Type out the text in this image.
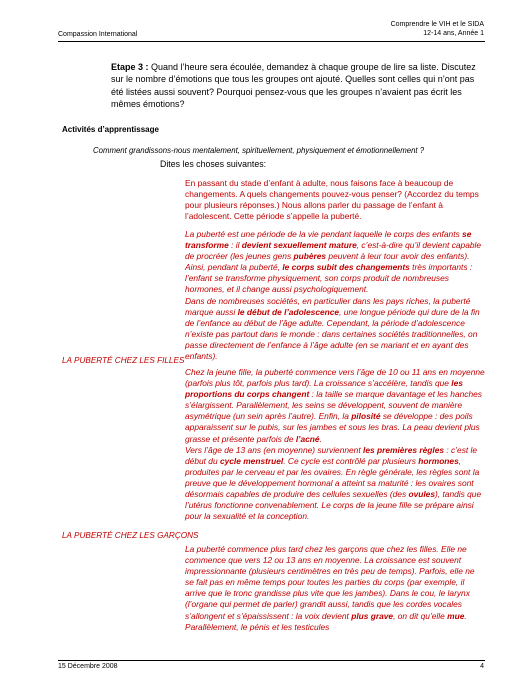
Compassion International
Comprendre le VIH et le SIDA
12-14 ans, Année 1
Etape 3 : Quand l’heure sera écoulée, demandez à chaque groupe de lire sa liste. Discutez sur le nombre d’émotions que tous les groupes ont ajouté. Quelles sont celles qui n’ont pas été listées aussi souvent? Pourquoi pensez-vous que les groupes n’avaient pas écrit les mêmes émotions?
Activités d’apprentissage
Comment grandissons-nous mentalement, spirituellement, physiquement et émotionnellement ?
Dites les choses suivantes:
En passant du stade d’enfant à adulte, nous faisons face à beaucoup de changements. A quels changements pouvez-vous penser? (Accordez du temps pour plusieurs réponses.) Nous allons parler du passage de l’enfant à l’adolescent. Cette période s’appelle la puberté.
La puberté est une période de la vie pendant laquelle le corps des enfants se transforme : il devient sexuellement mature, c’est-à-dire qu’il devient capable de procréer (les jeunes gens pubères peuvent à leur tour avoir des enfants).
Ainsi, pendant la puberté, le corps subit des changements très importants : l’enfant se transforme physiquement, son corps produit de nombreuses hormones, et il change aussi psychologiquement.
Dans de nombreuses sociétés, en particulier dans les pays riches, la puberté marque aussi le début de l’adolescence, une longue période qui dure de la fin de l’enfance au début de l’âge adulte. Cependant, la période d’adolescence n’existe pas partout dans le monde : dans certaines sociétés traditionnelles, on passe directement de l’enfance à l’âge adulte (en se mariant et en ayant des enfants).
LA PUBERTÉ CHEZ LES FILLES
Chez la jeune fille, la puberté commence vers l’âge de 10 ou 11 ans en moyenne (parfois plus tôt, parfois plus tard). La croissance s’accélère, tandis que les proportions du corps changent : la taille se marque davantage et les hanches s’élargissent. Parallèlement, les seins se développent, souvent de manière asymétrique (un sein après l’autre). Enfin, la pilosité se développe : des poils apparaissent sur le pubis, sur les jambes et sous les bras. La peau devient plus grasse et présente parfois de l’acné.
Vers l’âge de 13 ans (en moyenne) surviennent les premières règles : c’est le début du cycle menstruel. Ce cycle est contrôlé par plusieurs hormones, produites par le cerveau et par les ovaires. En règle générale, les règles sont la preuve que le développement hormonal a atteint sa maturité : les ovaires sont désormais capables de produire des cellules sexuelles (des ovules), tandis que l’utérus fonctionne convenablement. Le corps de la jeune fille se prépare ainsi pour la sexualité et la conception.
LA PUBERTÉ CHEZ LES GARÇONS
La puberté commence plus tard chez les garçons que chez les filles. Elle ne commence que vers 12 ou 13 ans en moyenne. La croissance est souvent impressionnante (plusieurs centimètres en très peu de temps). Parfois, elle ne se fait pas en même temps pour toutes les parties du corps (par exemple, il arrive que le tronc grandisse plus vite que les jambes). Dans le cou, le larynx (l’organe qui permet de parler) grandit aussi, tandis que les cordes vocales s’allongent et s’épaississent : la voix devient plus grave, on dit qu’elle mue. Parallèlement, le pénis et les testicules
15 Décembre 2008	4
